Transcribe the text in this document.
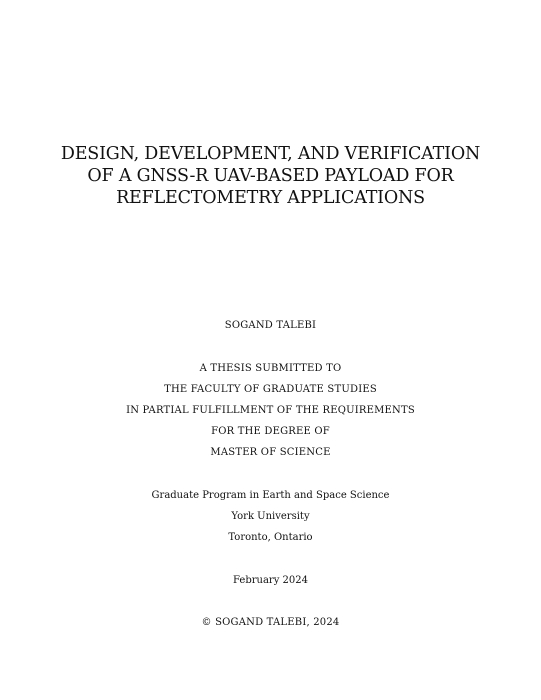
DESIGN, DEVELOPMENT, AND VERIFICATION
OF A GNSS-R UAV-BASED PAYLOAD FOR
REFLECTOMETRY APPLICATIONS
SOGAND TALEBI
A THESIS SUBMITTED TO
THE FACULTY OF GRADUATE STUDIES
IN PARTIAL FULFILLMENT OF THE REQUIREMENTS
FOR THE DEGREE OF
MASTER OF SCIENCE
Graduate Program in Earth and Space Science
York University
Toronto, Ontario
February 2024
© SOGAND TALEBI, 2024
